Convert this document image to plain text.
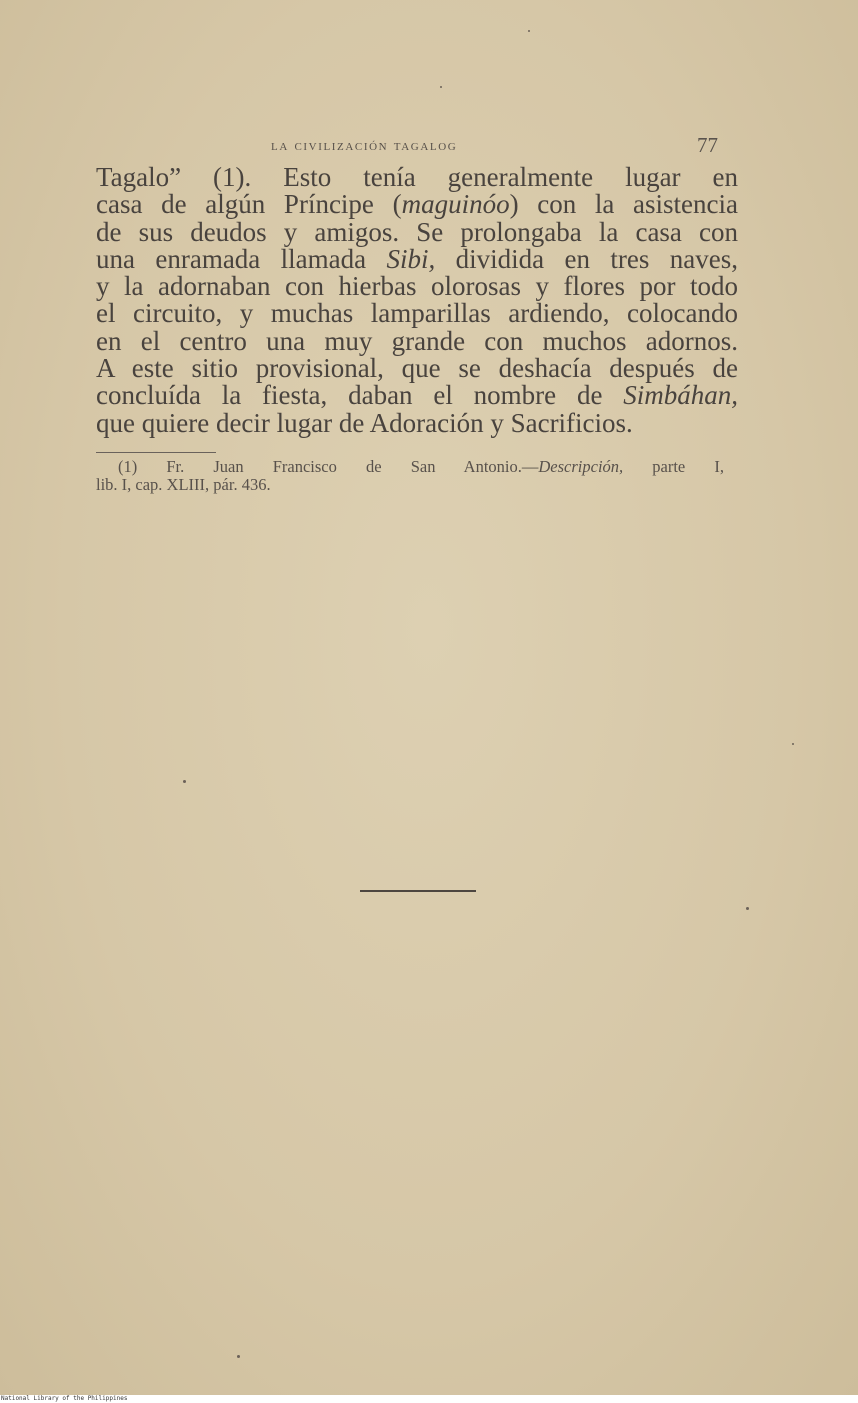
la civilización tagalog	77
Tagalo” (1). Esto tenía generalmente lugar en
casa de algún Príncipe (maguinóo) con la asistencia
de sus deudos y amigos. Se prolongaba la casa con
una enramada llamada Sibi, dividida en tres naves,
y la adornaban con hierbas olorosas y flores por todo
el circuito, y muchas lamparillas ardiendo, colocando
en el centro una muy grande con muchos adornos.
A este sitio provisional, que se deshacía después de
concluída la fiesta, daban el nombre de Simbáhan,
que quiere decir lugar de Adoración y Sacrificios.
(1) Fr. Juan Francisco de San Antonio.—Descripción, parte I,
lib. I, cap. XLIII, pár. 436.
National Library of the Philippines
